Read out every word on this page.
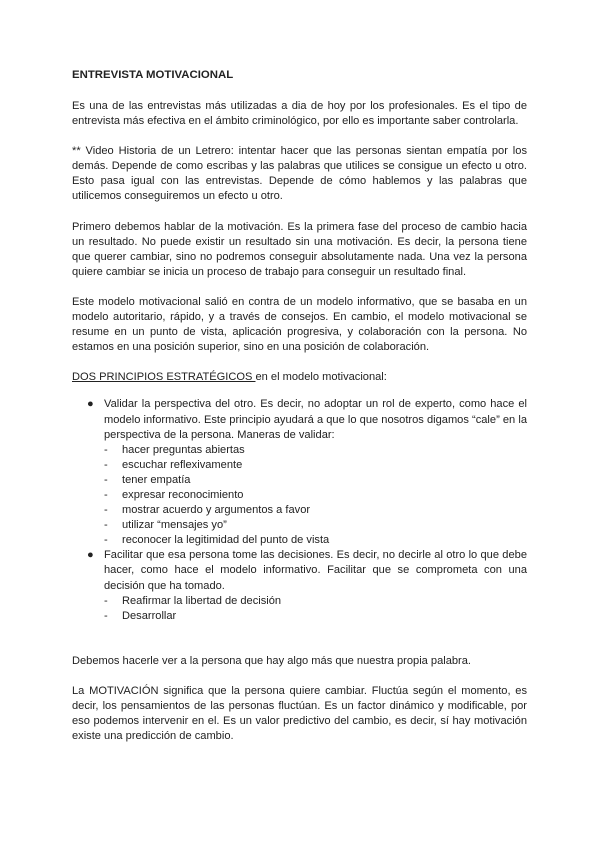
ENTREVISTA MOTIVACIONAL

Es una de las entrevistas más utilizadas a dia de hoy por los profesionales. Es el tipo de entrevista más efectiva en el ámbito criminológico, por ello es importante saber controlarla.

** Video Historia de un Letrero: intentar hacer que las personas sientan empatía por los demás. Depende de como escribas y las palabras que utilices se consigue un efecto u otro. Esto pasa igual con las entrevistas. Depende de cómo hablemos y las palabras que utilicemos conseguiremos un efecto u otro.

Primero debemos hablar de la motivación. Es la primera fase del proceso de cambio hacia un resultado. No puede existir un resultado sin una motivación. Es decir, la persona tiene que querer cambiar, sino no podremos conseguir absolutamente nada. Una vez la persona quiere cambiar se inicia un proceso de trabajo para conseguir un resultado final.

Este modelo motivacional salió en contra de un modelo informativo, que se basaba en un modelo autoritario, rápido, y a través de consejos. En cambio, el modelo motivacional se resume en un punto de vista, aplicación progresiva, y colaboración con la persona. No estamos en una posición superior, sino en una posición de colaboración.

DOS PRINCIPIOS ESTRATÉGICOS en el modelo motivacional:
● Validar la perspectiva del otro. Es decir, no adoptar un rol de experto, como hace el modelo informativo. Este principio ayudará a que lo que nosotros digamos “cale” en la perspectiva de la persona. Maneras de validar:
- hacer preguntas abiertas
- escuchar reflexivamente
- tener empatía
- expresar reconocimiento
- mostrar acuerdo y argumentos a favor
- utilizar “mensajes yo”
- reconocer la legitimidad del punto de vista
● Facilitar que esa persona tome las decisiones. Es decir, no decirle al otro lo que debe hacer, como hace el modelo informativo. Facilitar que se comprometa con una decisión que ha tomado.
- Reafirmar la libertad de decisión
- Desarrollar

Debemos hacerle ver a la persona que hay algo más que nuestra propia palabra.

La MOTIVACIÓN significa que la persona quiere cambiar. Fluctúa según el momento, es decir, los pensamientos de las personas fluctúan. Es un factor dinámico y modificable, por eso podemos intervenir en el. Es un valor predictivo del cambio, es decir, sí hay motivación existe una predicción de cambio.
